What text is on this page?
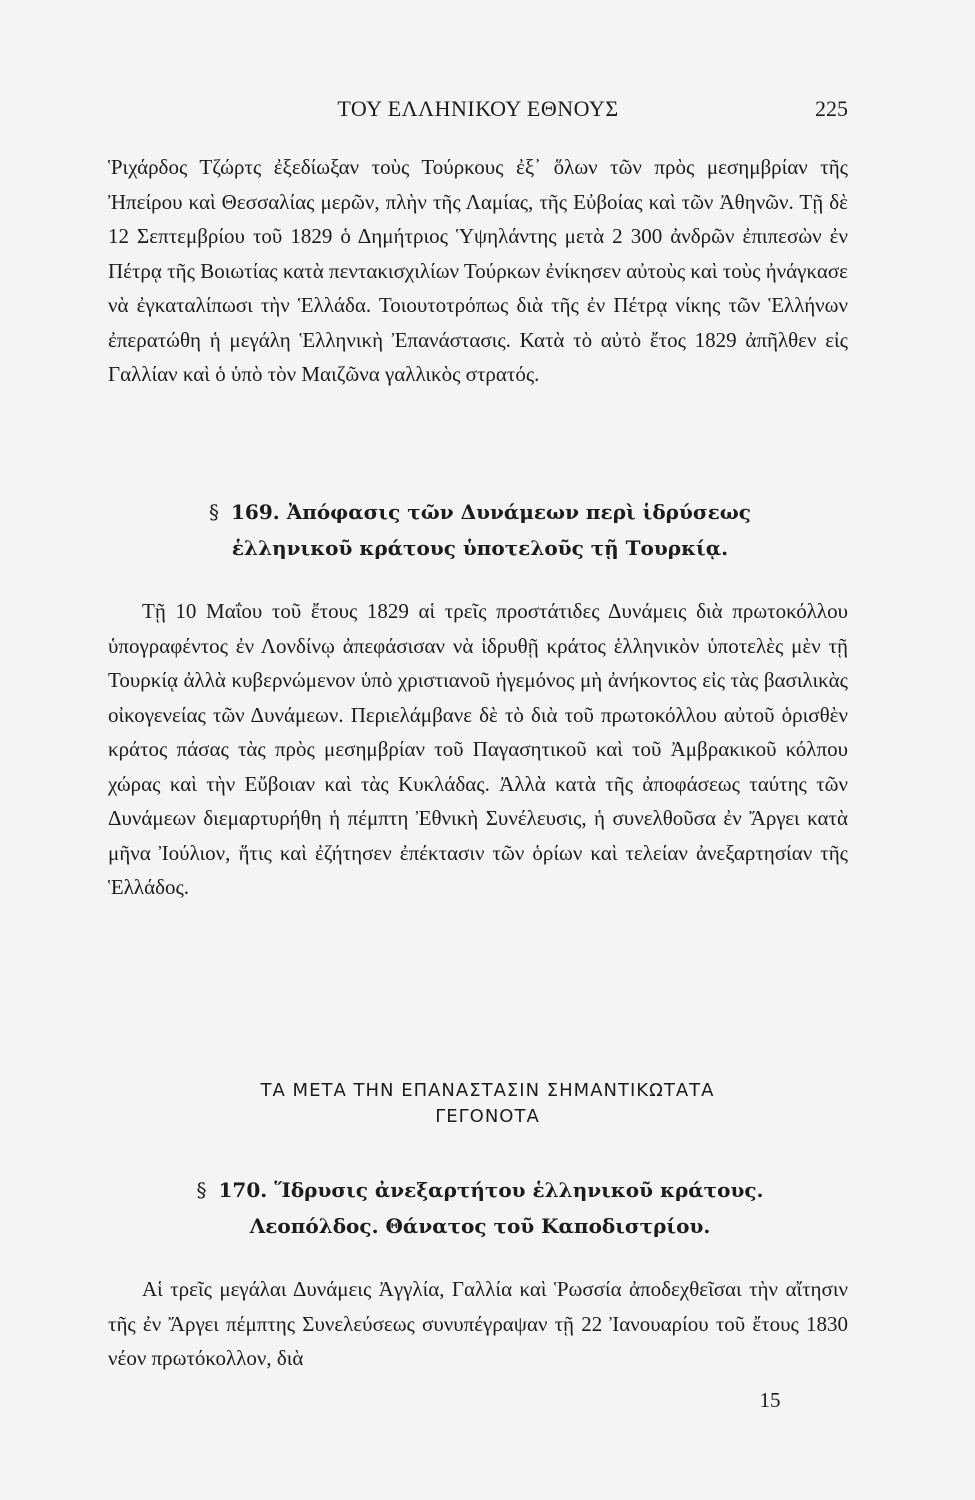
ΤΟΥ ΕΛΛΗΝΙΚΟΥ ΕΘΝΟΥΣ	225

Ῥιχάρδος Τζώρτς ἐξεδίωξαν τοὺς Τούρκους ἐξ᾽ ὅλων τῶν πρὸς μεσημβρίαν τῆς Ἠπείρου καὶ Θεσσαλίας μερῶν, πλὴν τῆς Λαμίας, τῆς Εὐβοίας καὶ τῶν Ἀθηνῶν. Τῇ δὲ 12 Σεπτεμβρίου τοῦ 1829 ὁ Δημήτριος Ὑψηλάντης μετὰ 2 300 ἀνδρῶν ἐπιπεσὼν ἐν Πέτρᾳ τῆς Βοιωτίας κατὰ πεντακισχιλίων Τούρκων ἐνίκησεν αὐτοὺς καὶ τοὺς ἠνάγκασε νὰ ἐγκαταλίπωσι τὴν Ἑλλάδα. Τοιουτοτρόπως διὰ τῆς ἐν Πέτρᾳ νίκης τῶν Ἑλλήνων ἐπερατώθη ἡ μεγάλη Ἑλληνικὴ Ἐπανάστασις. Κατὰ τὸ αὐτὸ ἔτος 1829 ἀπῆλθεν εἰς Γαλλίαν καὶ ὁ ὑπὸ τὸν Μαιζῶνα γαλλικὸς στρατός.

§ 169. Ἀπόφασις τῶν Δυνάμεων περὶ ἱδρύσεως
ἑλληνικοῦ κράτους ὑποτελοῦς τῇ Τουρκίᾳ.

Τῇ 10 Μαΐου τοῦ ἔτους 1829 αἱ τρεῖς προστάτιδες Δυνάμεις διὰ πρωτοκόλλου ὑπογραφέντος ἐν Λονδίνῳ ἀπεφάσισαν νὰ ἱδρυθῇ κράτος ἑλληνικὸν ὑποτελὲς μὲν τῇ Τουρκίᾳ ἀλλὰ κυβερνώμενον ὑπὸ χριστιανοῦ ἡγεμόνος μὴ ἀνήκοντος εἰς τὰς βασιλικὰς οἰκογενείας τῶν Δυνάμεων. Περιελάμβανε δὲ τὸ διὰ τοῦ πρωτοκόλλου αὐτοῦ ὁρισθὲν κράτος πάσας τὰς πρὸς μεσημβρίαν τοῦ Παγασητικοῦ καὶ τοῦ Ἀμβρακικοῦ κόλπου χώρας καὶ τὴν Εὔβοιαν καὶ τὰς Κυκλάδας. Ἀλλὰ κατὰ τῆς ἀποφάσεως ταύτης τῶν Δυνάμεων διεμαρτυρήθη ἡ πέμπτη Ἐθνικὴ Συνέλευσις, ἡ συνελθοῦσα ἐν Ἄργει κατὰ μῆνα Ἰούλιον, ἥτις καὶ ἐζήτησεν ἐπέκτασιν τῶν ὁρίων καὶ τελείαν ἀνεξαρτησίαν τῆς Ἑλλάδος.

ΤΑ ΜΕΤΑ ΤΗΝ ΕΠΑΝΑΣΤΑΣΙΝ ΣΗΜΑΝΤΙΚΩΤΑΤΑ
ΓΕΓΟΝΟΤΑ
§ 170. Ἵδρυσις ἀνεξαρτήτου ἑλληνικοῦ κράτους.
Λεοπόλδος. Θάνατος τοῦ Καποδιστρίου.

Αἱ τρεῖς μεγάλαι Δυνάμεις Ἀγγλία, Γαλλία καὶ Ῥωσσία ἀποδεχθεῖσαι τὴν αἴτησιν τῆς ἐν Ἄργει πέμπτης Συνελεύσεως συνυπέγραψαν τῇ 22 Ἰανουαρίου τοῦ ἔτους 1830 νέον πρωτόκολλον, διὰ

15
